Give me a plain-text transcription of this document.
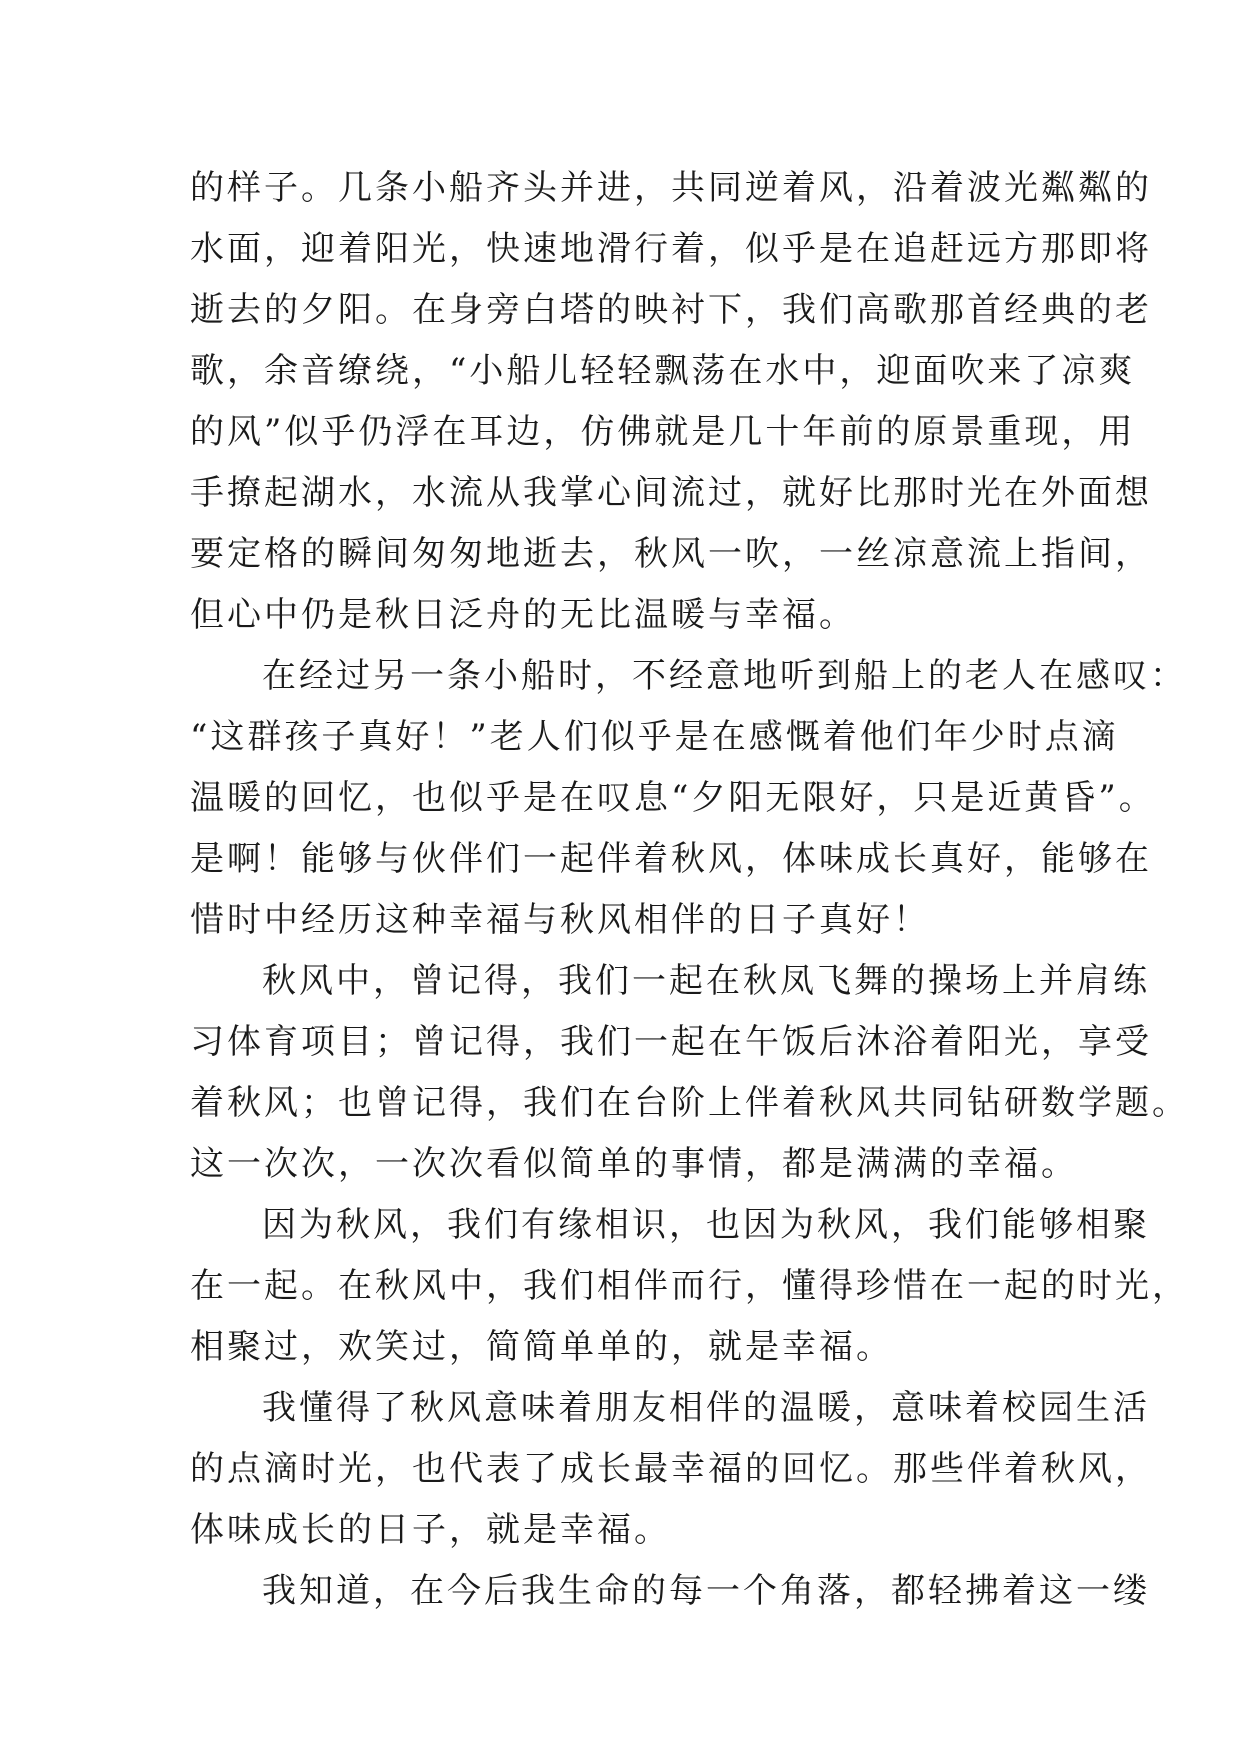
的样子。几条小船齐头并进，共同逆着风，沿着波光粼粼的
水面，迎着阳光，快速地滑行着，似乎是在追赶远方那即将
逝去的夕阳。在身旁白塔的映衬下，我们高歌那首经典的老
歌，余音缭绕，“小船儿轻轻飘荡在水中，迎面吹来了凉爽
的风”似乎仍浮在耳边，仿佛就是几十年前的原景重现，用
手撩起湖水，水流从我掌心间流过，就好比那时光在外面想
要定格的瞬间匆匆地逝去，秋风一吹，一丝凉意流上指间，
但心中仍是秋日泛舟的无比温暖与幸福。
在经过另一条小船时，不经意地听到船上的老人在感叹：
“这群孩子真好！”老人们似乎是在感慨着他们年少时点滴
温暖的回忆，也似乎是在叹息“夕阳无限好，只是近黄昏”。
是啊！能够与伙伴们一起伴着秋风，体味成长真好，能够在
惜时中经历这种幸福与秋风相伴的日子真好！
秋风中，曾记得，我们一起在秋凤飞舞的操场上并肩练
习体育项目；曾记得，我们一起在午饭后沐浴着阳光，享受
着秋风；也曾记得，我们在台阶上伴着秋风共同钻研数学题。
这一次次，一次次看似简单的事情，都是满满的幸福。
因为秋风，我们有缘相识，也因为秋风，我们能够相聚
在一起。在秋风中，我们相伴而行，懂得珍惜在一起的时光，
相聚过，欢笑过，简简单单的，就是幸福。
我懂得了秋风意味着朋友相伴的温暖，意味着校园生活
的点滴时光，也代表了成长最幸福的回忆。那些伴着秋风，
体味成长的日子，就是幸福。
我知道，在今后我生命的每一个角落，都轻拂着这一缕
